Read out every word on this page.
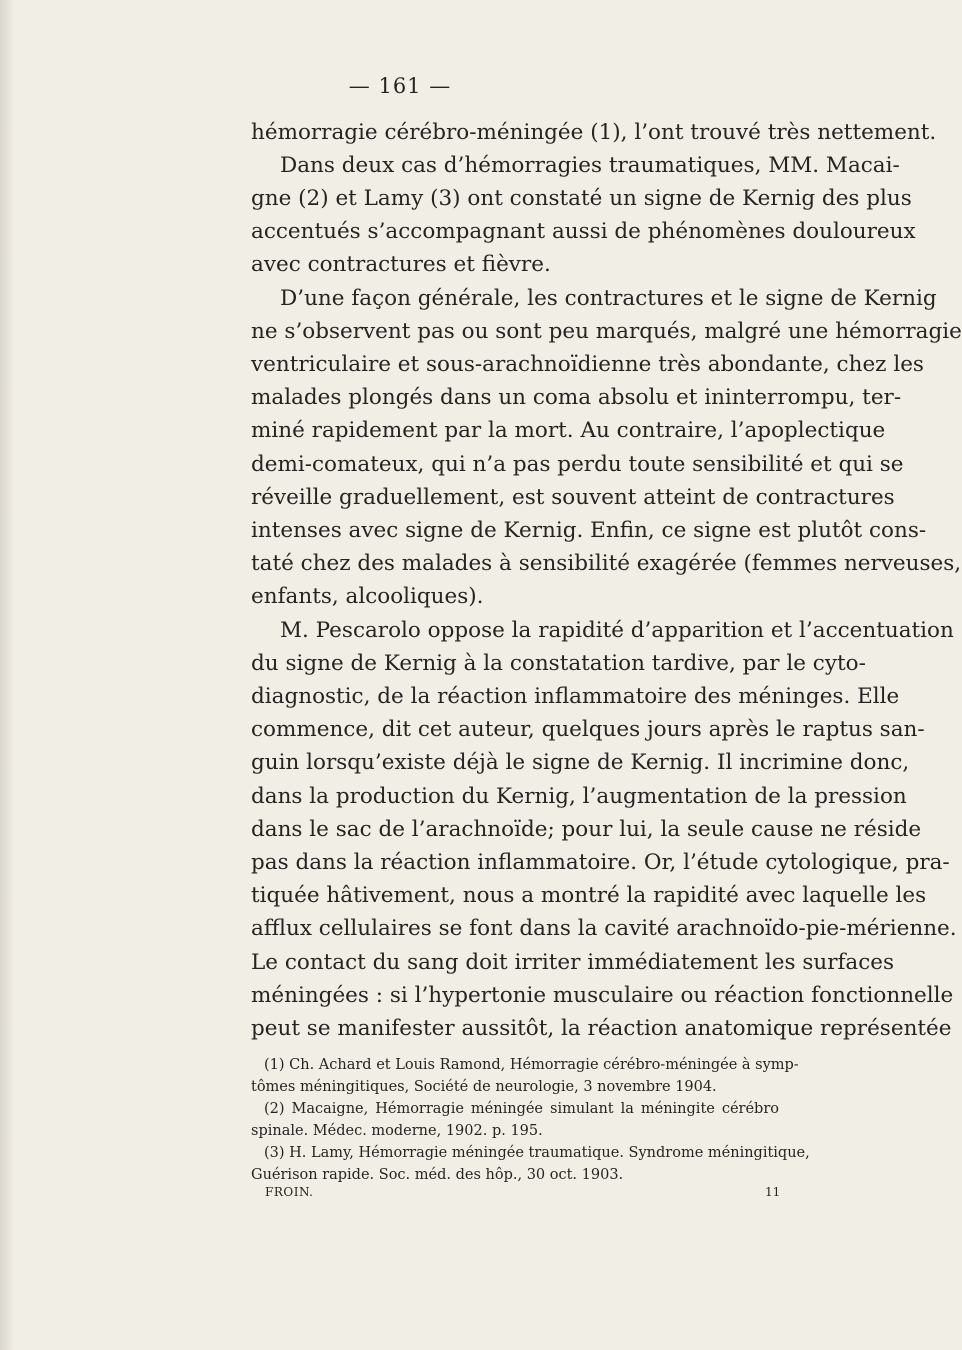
— 161 —
hémorragie cérébro-méningée (1), l’ont trouvé très nettement.
Dans deux cas d’hémorragies traumatiques, MM. Macai-
gne (2) et Lamy (3) ont constaté un signe de Kernig des plus
accentués s’accompagnant aussi de phénomènes douloureux
avec contractures et fièvre.
D’une façon générale, les contractures et le signe de Kernig
ne s’observent pas ou sont peu marqués, malgré une hémorragie
ventriculaire et sous-arachnoïdienne très abondante, chez les
malades plongés dans un coma absolu et ininterrompu, ter-
miné rapidement par la mort. Au contraire, l’apoplectique
demi-comateux, qui n’a pas perdu toute sensibilité et qui se
réveille graduellement, est souvent atteint de contractures
intenses avec signe de Kernig. Enfin, ce signe est plutôt cons-
taté chez des malades à sensibilité exagérée (femmes nerveuses,
enfants, alcooliques).
M. Pescarolo oppose la rapidité d’apparition et l’accentuation
du signe de Kernig à la constatation tardive, par le cyto-
diagnostic, de la réaction inflammatoire des méninges. Elle
commence, dit cet auteur, quelques jours après le raptus san-
guin lorsqu’existe déjà le signe de Kernig. Il incrimine donc,
dans la production du Kernig, l’augmentation de la pression
dans le sac de l’arachnoïde; pour lui, la seule cause ne réside
pas dans la réaction inflammatoire. Or, l’étude cytologique, pra-
tiquée hâtivement, nous a montré la rapidité avec laquelle les
afflux cellulaires se font dans la cavité arachnoïdo-pie-mérienne.
Le contact du sang doit irriter immédiatement les surfaces
méningées : si l’hypertonie musculaire ou réaction fonctionnelle
peut se manifester aussitôt, la réaction anatomique représentée
(1) Ch. Achard et Louis Ramond, Hémorragie cérébro-méningée à symp-
tômes méningitiques, Société de neurologie, 3 novembre 1904.
(2) Macaigne, Hémorragie méningée simulant la méningite cérébro
spinale. Médec. moderne, 1902. p. 195.
(3) H. Lamy, Hémorragie méningée traumatique. Syndrome méningitique,
Guérison rapide. Soc. méd. des hôp., 30 oct. 1903.
FROIN.	11
